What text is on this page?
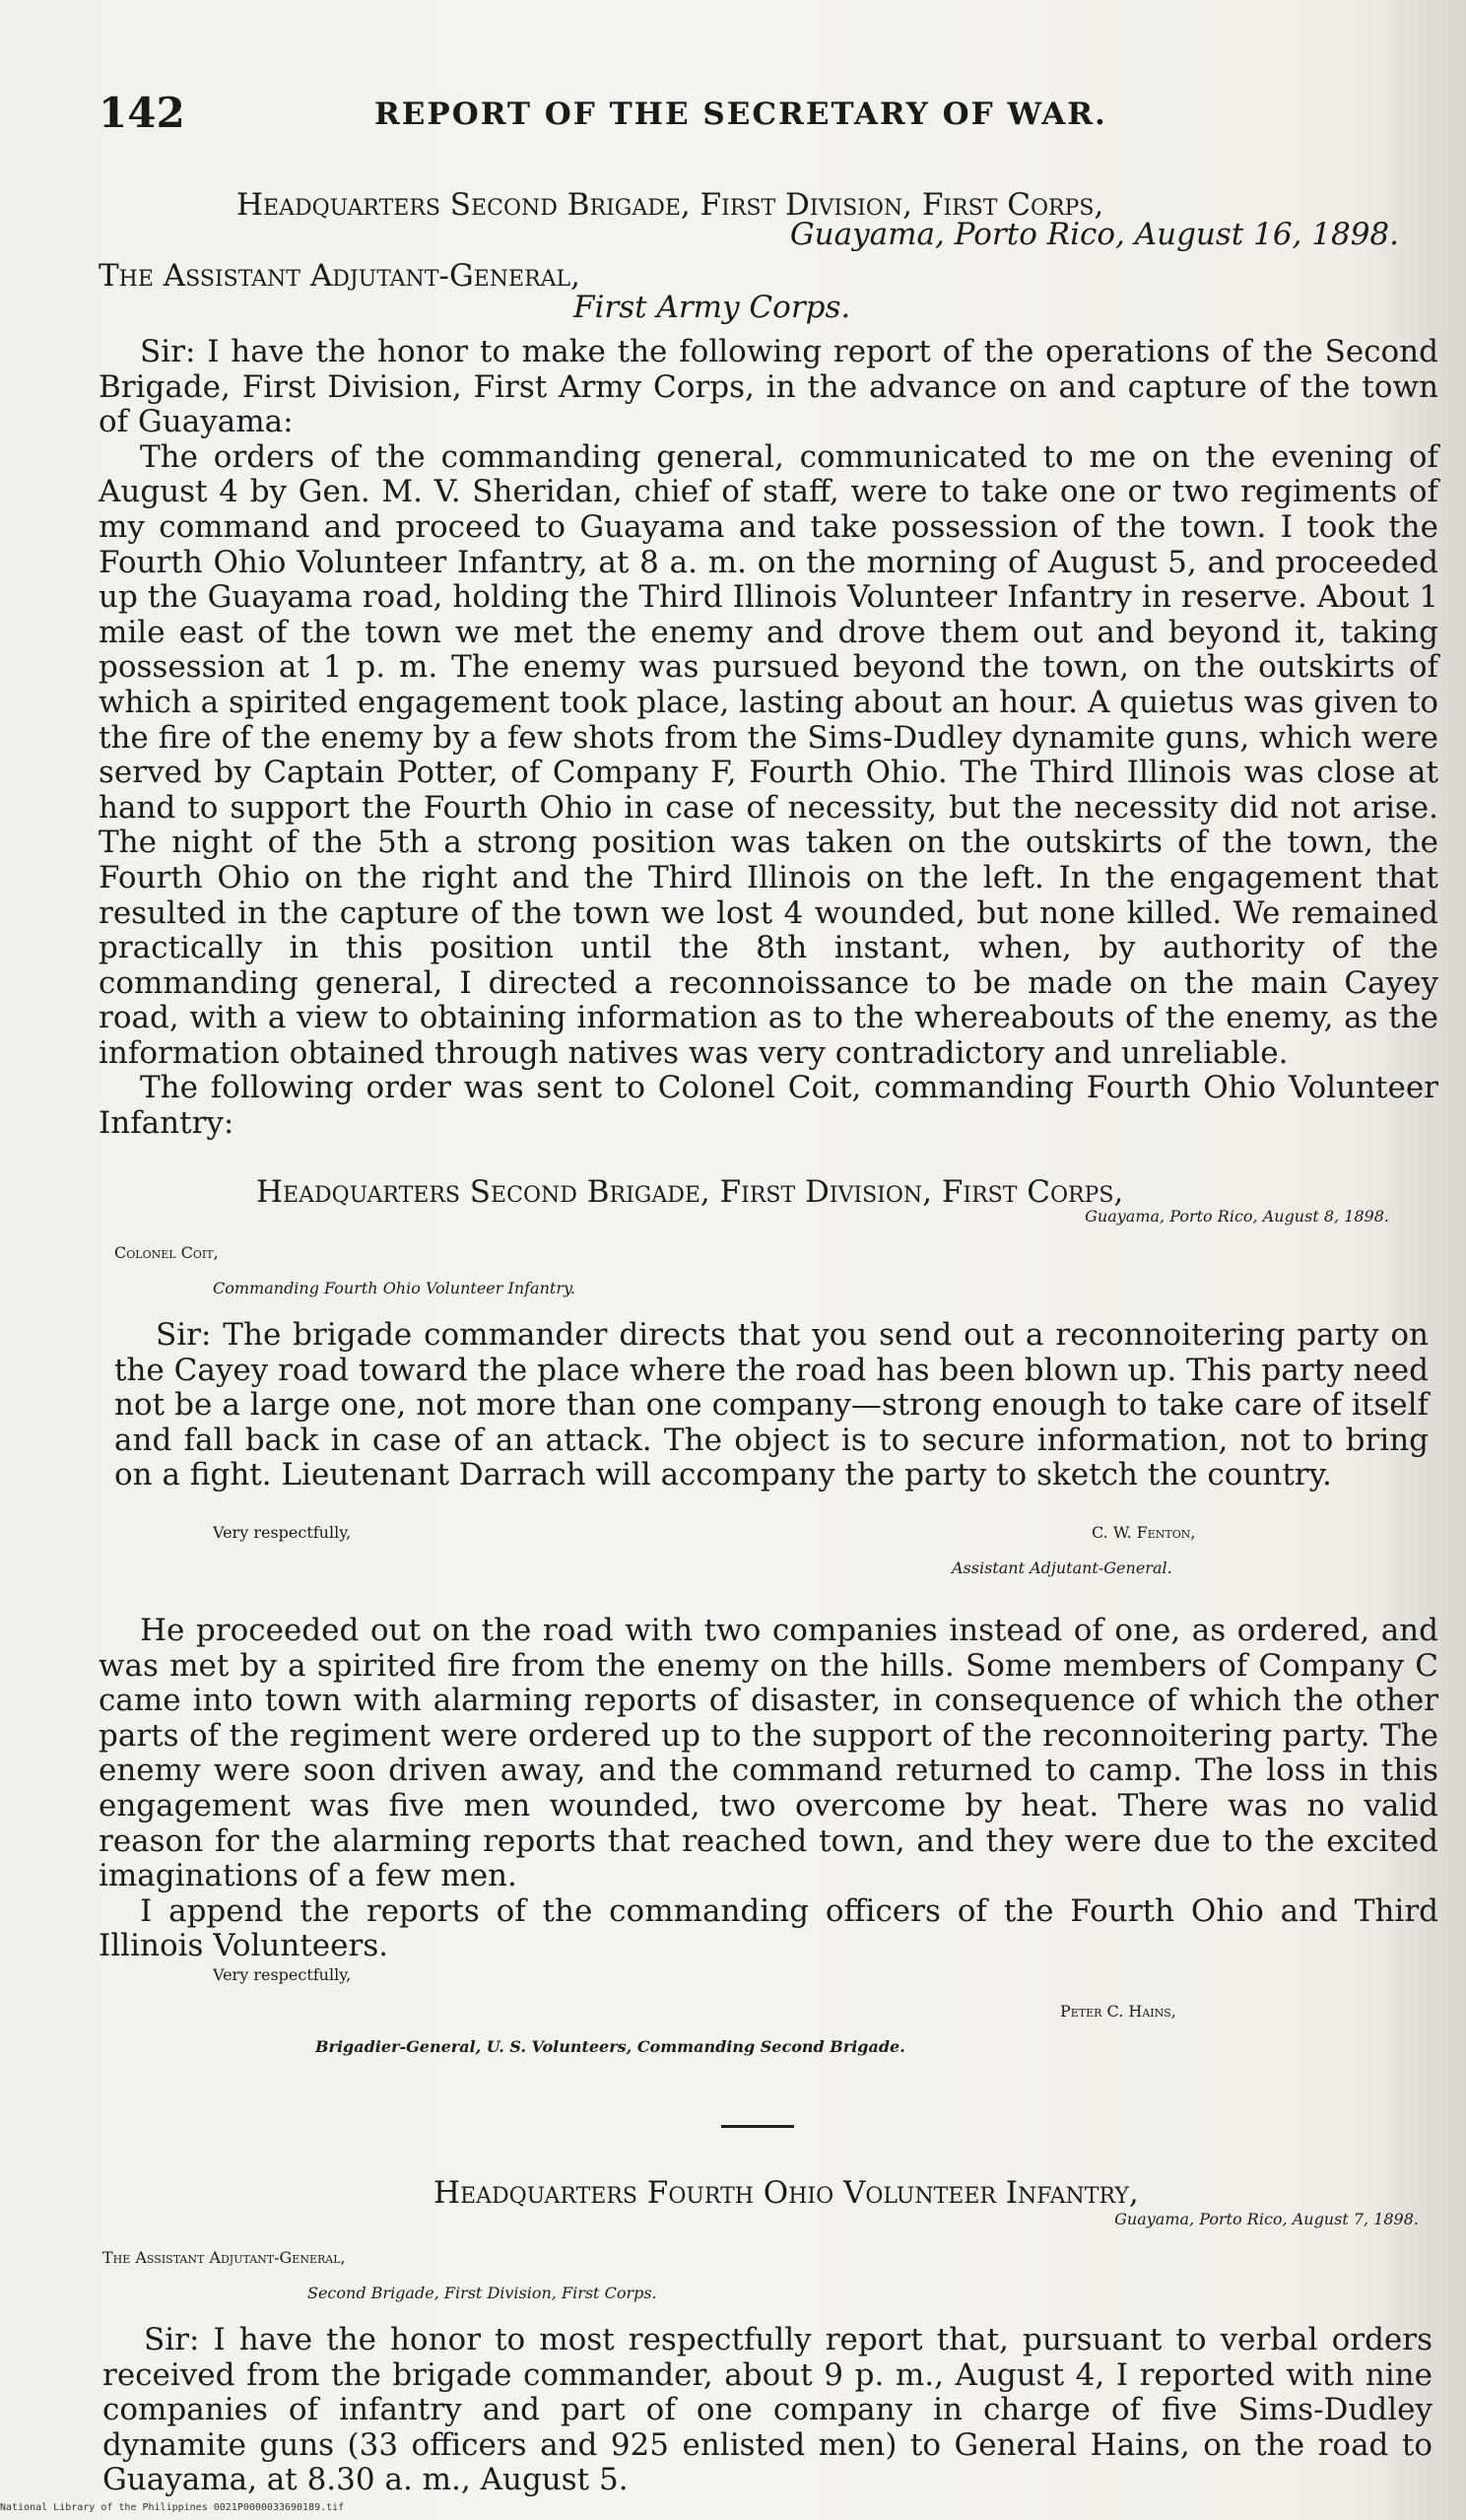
142	REPORT OF THE SECRETARY OF WAR.
Headquarters Second Brigade, First Division, First Corps,
Guayama, Porto Rico, August 16, 1898.
The Assistant Adjutant-General,
First Army Corps.

Sir: I have the honor to make the following report of the operations of the Second Brigade, First Division, First Army Corps, in the advance on and capture of the town of Guayama:

The orders of the commanding general, communicated to me on the evening of August 4 by Gen. M. V. Sheridan, chief of staff, were to take one or two regiments of my command and proceed to Guayama and take possession of the town. I took the Fourth Ohio Volunteer Infantry, at 8 a. m. on the morning of August 5, and proceeded up the Guayama road, holding the Third Illinois Volunteer Infantry in reserve. About 1 mile east of the town we met the enemy and drove them out and beyond it, taking possession at 1 p. m. The enemy was pursued beyond the town, on the outskirts of which a spirited engagement took place, lasting about an hour. A quietus was given to the fire of the enemy by a few shots from the Sims-Dudley dynamite guns, which were served by Captain Potter, of Company F, Fourth Ohio. The Third Illinois was close at hand to support the Fourth Ohio in case of necessity, but the necessity did not arise. The night of the 5th a strong position was taken on the outskirts of the town, the Fourth Ohio on the right and the Third Illinois on the left. In the engagement that resulted in the capture of the town we lost 4 wounded, but none killed. We remained practically in this position until the 8th instant, when, by authority of the commanding general, I directed a reconnoissance to be made on the main Cayey road, with a view to obtaining information as to the whereabouts of the enemy, as the information obtained through natives was very contradictory and unreliable.

The following order was sent to Colonel Coit, commanding Fourth Ohio Volunteer Infantry:

Headquarters Second Brigade, First Division, First Corps,
Guayama, Porto Rico, August 8, 1898.
Colonel Coit,
Commanding Fourth Ohio Volunteer Infantry.

Sir: The brigade commander directs that you send out a reconnoitering party on the Cayey road toward the place where the road has been blown up. This party need not be a large one, not more than one company—strong enough to take care of itself and fall back in case of an attack. The object is to secure information, not to bring on a fight. Lieutenant Darrach will accompany the party to sketch the country.

Very respectfully,	C. W. Fenton,
Assistant Adjutant-General.

He proceeded out on the road with two companies instead of one, as ordered, and was met by a spirited fire from the enemy on the hills. Some members of Company C came into town with alarming reports of disaster, in consequence of which the other parts of the regiment were ordered up to the support of the reconnoitering party. The enemy were soon driven away, and the command returned to camp. The loss in this engagement was five men wounded, two overcome by heat. There was no valid reason for the alarming reports that reached town, and they were due to the excited imaginations of a few men.

I append the reports of the commanding officers of the Fourth Ohio and Third Illinois Volunteers.

Very respectfully,
Peter C. Hains,
Brigadier-General, U. S. Volunteers, Commanding Second Brigade.
Headquarters Fourth Ohio Volunteer Infantry,
Guayama, Porto Rico, August 7, 1898.
The Assistant Adjutant-General,
Second Brigade, First Division, First Corps.

Sir: I have the honor to most respectfully report that, pursuant to verbal orders received from the brigade commander, about 9 p. m., August 4, I reported with nine companies of infantry and part of one company in charge of five Sims-Dudley dynamite guns (33 officers and 925 enlisted men) to General Hains, on the road to Guayama, at 8.30 a. m., August 5.

National Library of the Philippines 0021P0000033690189.tif
